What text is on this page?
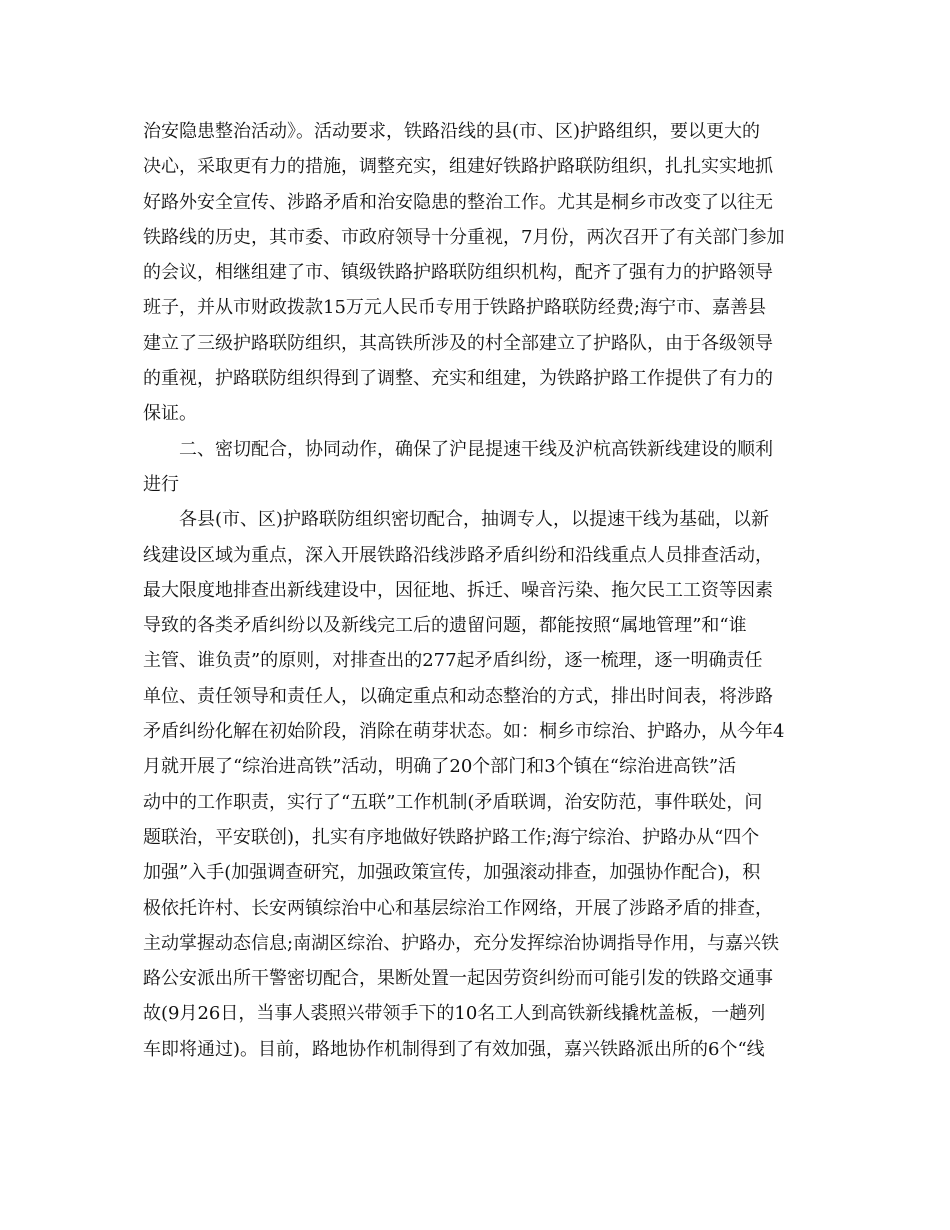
治安隐患整治活动》。活动要求，铁路沿线的县(市、区)护路组织，要以更大的
决心，采取更有力的措施，调整充实，组建好铁路护路联防组织，扎扎实实地抓
好路外安全宣传、涉路矛盾和治安隐患的整治工作。尤其是桐乡市改变了以往无
铁路线的历史，其市委、市政府领导十分重视，7月份，两次召开了有关部门参加
的会议，相继组建了市、镇级铁路护路联防组织机构，配齐了强有力的护路领导
班子，并从市财政拨款15万元人民币专用于铁路护路联防经费;海宁市、嘉善县
建立了三级护路联防组织，其高铁所涉及的村全部建立了护路队，由于各级领导
的重视，护路联防组织得到了调整、充实和组建，为铁路护路工作提供了有力的
保证。
二、密切配合，协同动作，确保了沪昆提速干线及沪杭高铁新线建设的顺利
进行
各县(市、区)护路联防组织密切配合，抽调专人，以提速干线为基础，以新
线建设区域为重点，深入开展铁路沿线涉路矛盾纠纷和沿线重点人员排查活动，
最大限度地排查出新线建设中，因征地、拆迁、噪音污染、拖欠民工工资等因素
导致的各类矛盾纠纷以及新线完工后的遗留问题，都能按照“属地管理”和“谁
主管、谁负责”的原则，对排查出的277起矛盾纠纷，逐一梳理，逐一明确责任
单位、责任领导和责任人，以确定重点和动态整治的方式，排出时间表，将涉路
矛盾纠纷化解在初始阶段，消除在萌芽状态。如：桐乡市综治、护路办，从今年4
月就开展了“综治进高铁”活动，明确了20个部门和3个镇在“综治进高铁”活
动中的工作职责，实行了“五联”工作机制(矛盾联调，治安防范，事件联处，问
题联治，平安联创)，扎实有序地做好铁路护路工作;海宁综治、护路办从“四个
加强”入手(加强调查研究，加强政策宣传，加强滚动排查，加强协作配合)，积
极依托许村、长安两镇综治中心和基层综治工作网络，开展了涉路矛盾的排查，
主动掌握动态信息;南湖区综治、护路办，充分发挥综治协调指导作用，与嘉兴铁
路公安派出所干警密切配合，果断处置一起因劳资纠纷而可能引发的铁路交通事
故(9月26日，当事人裘照兴带领手下的10名工人到高铁新线撬枕盖板，一趟列
车即将通过)。目前，路地协作机制得到了有效加强，嘉兴铁路派出所的6个“线
